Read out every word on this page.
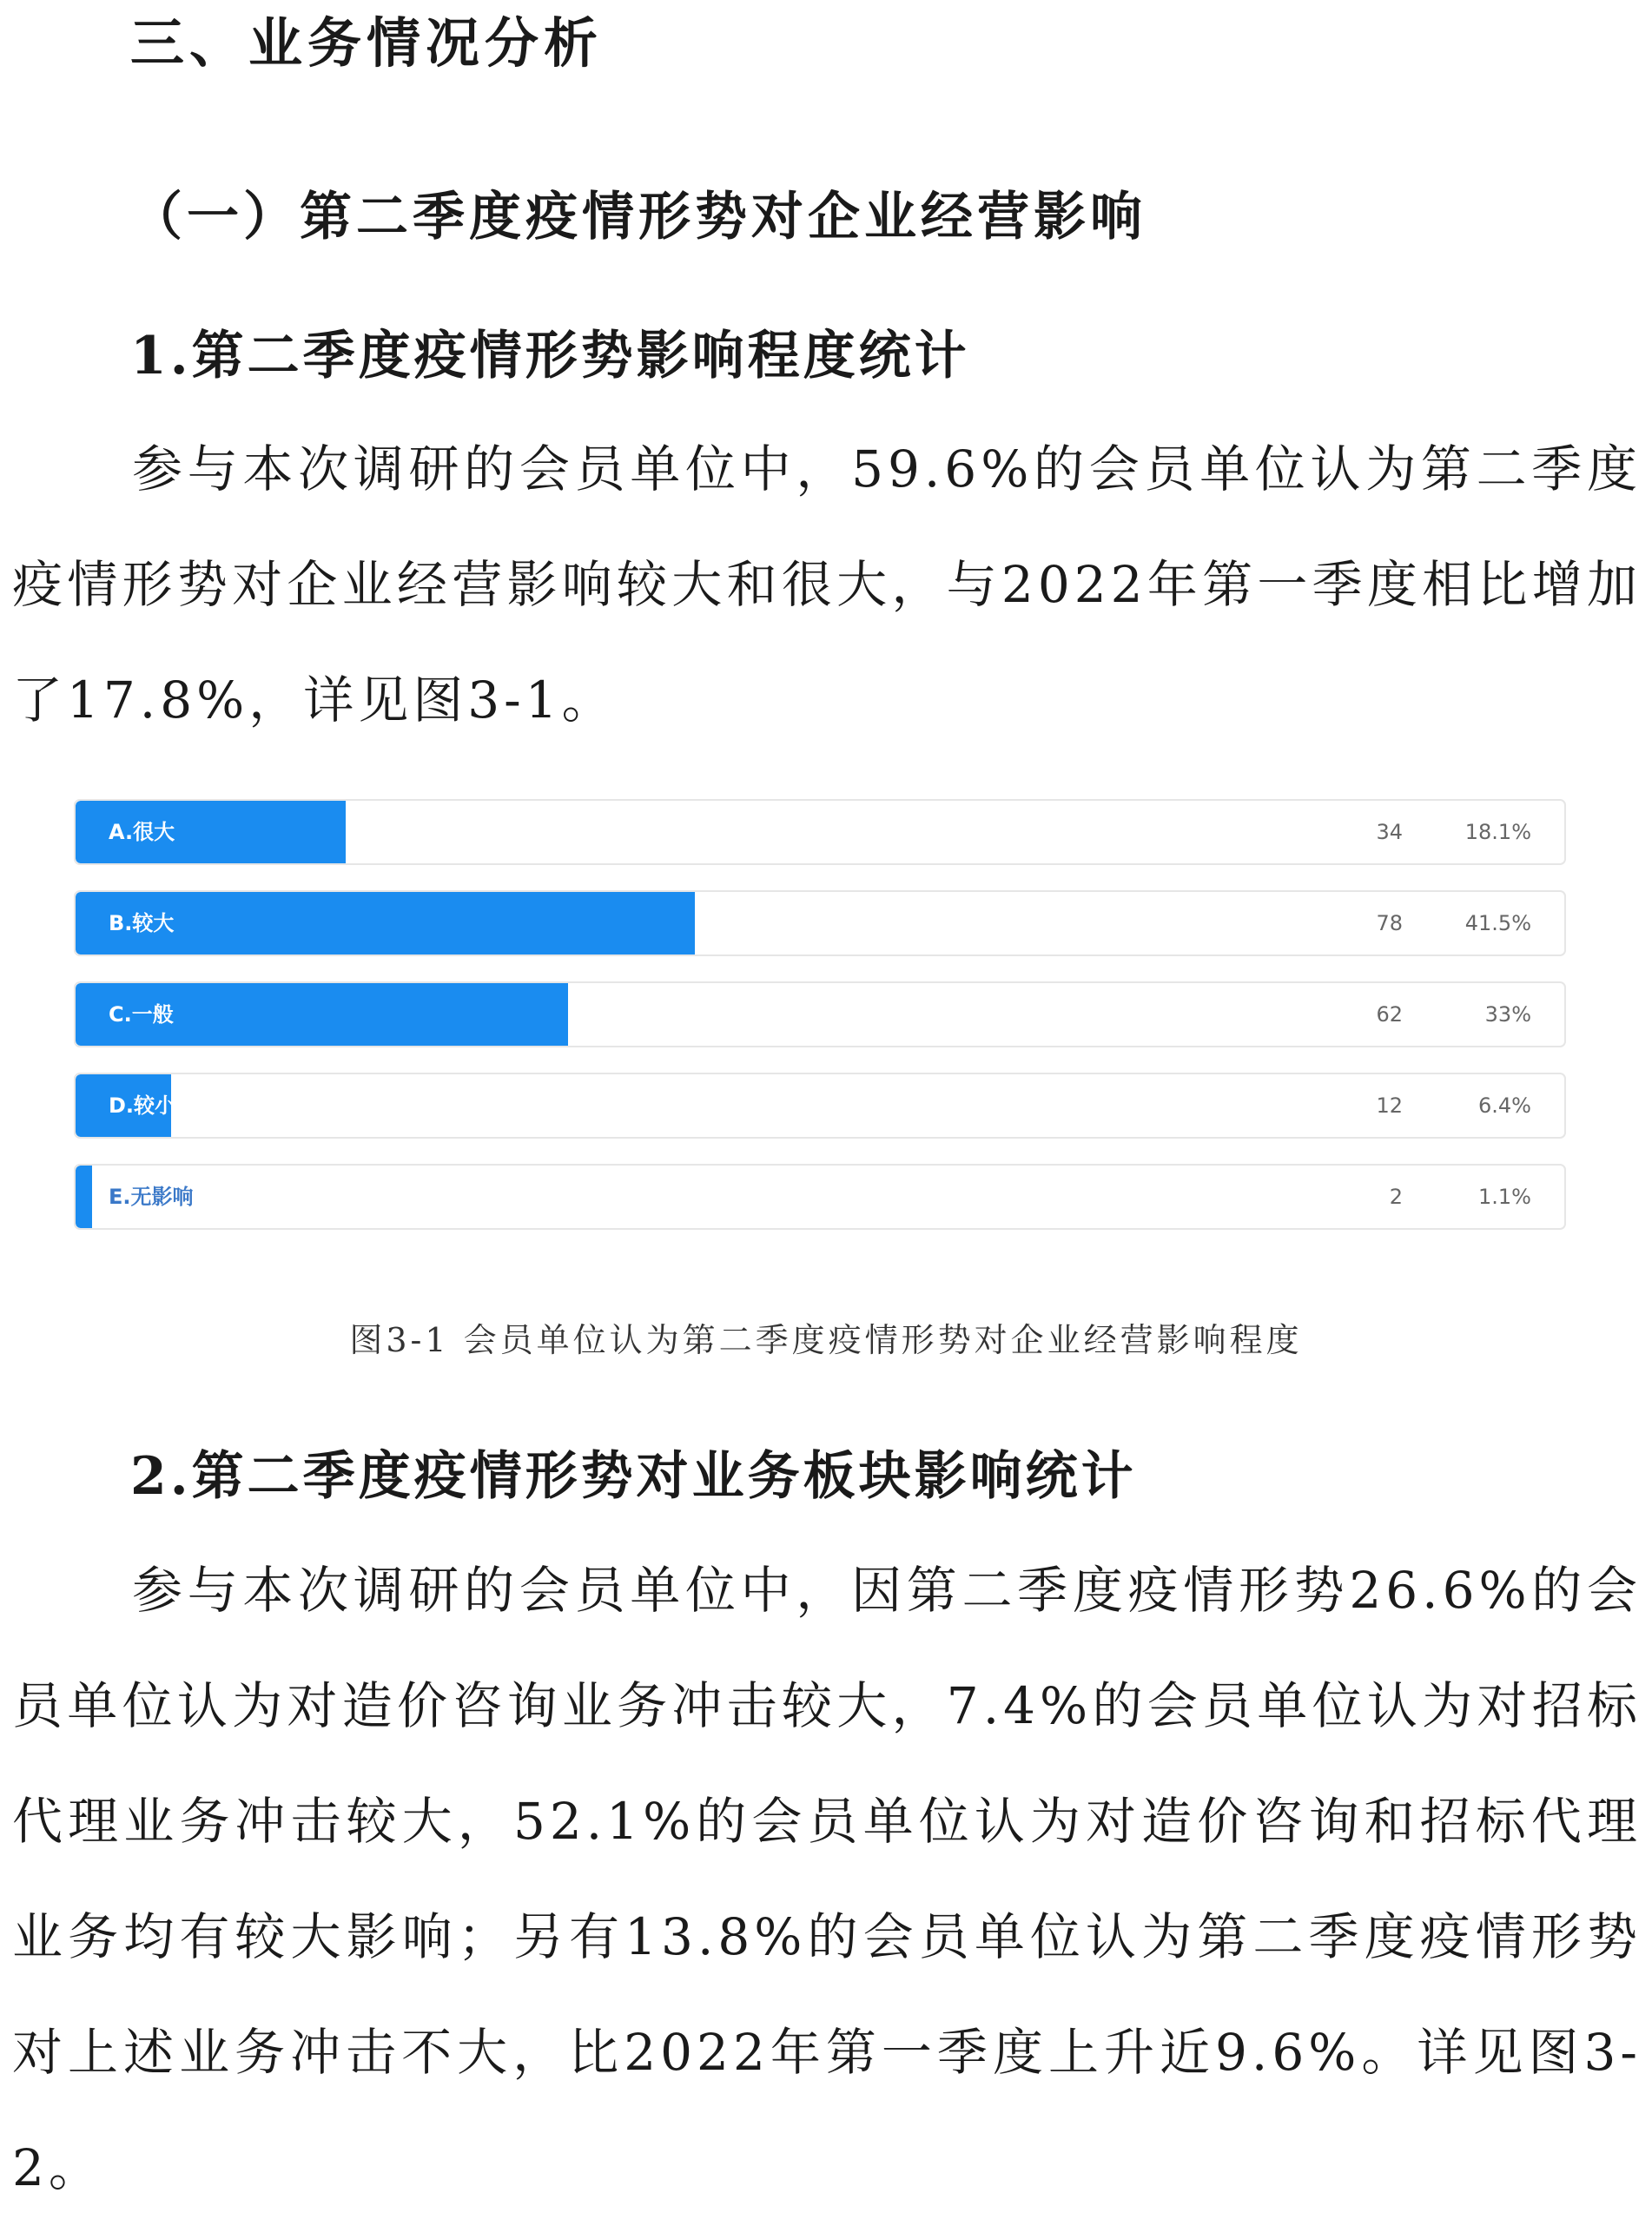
三、业务情况分析
（一）第二季度疫情形势对企业经营影响
1.第二季度疫情形势影响程度统计

参与本次调研的会员单位中，59.6%的会员单位认为第二季度疫情形势对企业经营影响较大和很大，与2022年第一季度相比增加了17.8%，详见图3-1。

A.很大	34	18.1%
B.较大	78	41.5%
C.一般	62	33%
D.较小	12	6.4%
E.无影响	2	1.1%

图3-1 会员单位认为第二季度疫情形势对企业经营影响程度

2.第二季度疫情形势对业务板块影响统计

参与本次调研的会员单位中，因第二季度疫情形势26.6%的会员单位认为对造价咨询业务冲击较大，7.4%的会员单位认为对招标代理业务冲击较大，52.1%的会员单位认为对造价咨询和招标代理业务均有较大影响；另有13.8%的会员单位认为第二季度疫情形势对上述业务冲击不大，比2022年第一季度上升近9.6%。详见图3-2。
